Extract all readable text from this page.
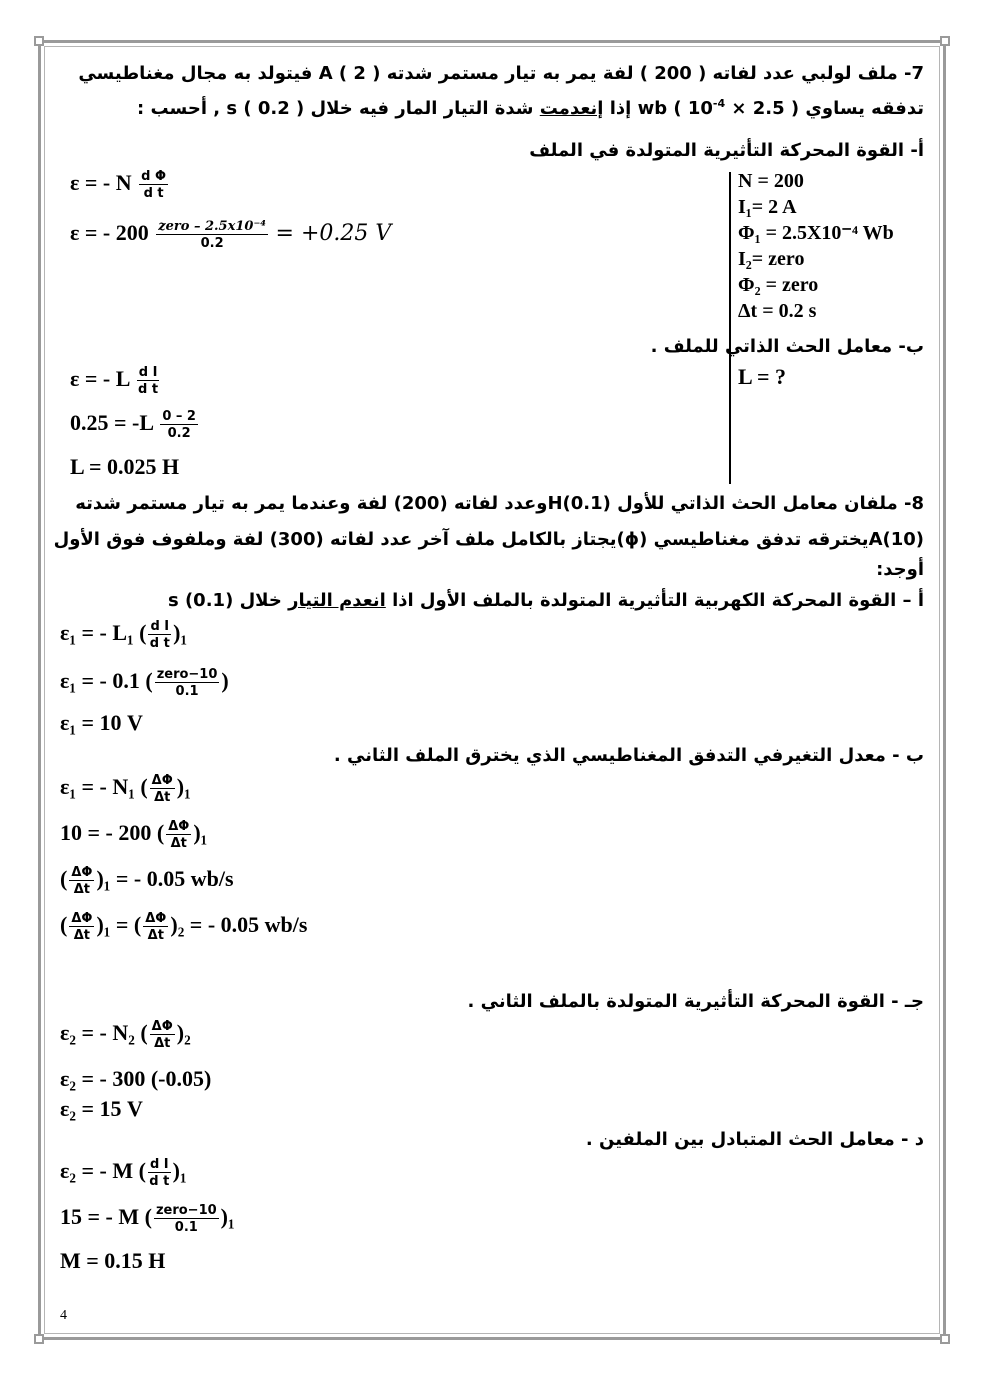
7- ملف لولبي عدد لفاته ( 200 ) لفة يمر به تيار مستمر شدته A ( 2 ) فيتولد به مجال مغناطيسي
تدفقه يساوي wb ( $10^{-4} \times 2.5$ ) إذا إنعدمت شدة التيار المار فيه خلال s ( 0.2 ) , أحسب :
أ- القوة المحركة التأثيرية المتولدة في الملف
ε = - N $\frac{\text{d Φ}}{\text{d t}}$
ε = - $200 \frac{\text{zero – 2.5x10⁻⁴}}{0.2} = +0.25$ V
N = 200
I₁= 2 A
Φ₁ = 2.5X10⁻⁴ Wb
I₂= zero
Φ₂ = zero
Δt = 0.2 s
ب- معامل الحث الذاتي للملف .
L = ?
ε = - L $\frac{\text{d I}}{\text{d t}}$
$0.25 = -L \frac{0 - 2}{0.2}$
L = 0.025 H
8- ملفان معامل الحث الذاتي للأول H(0.1)وعدد لفاته (200) لفة وعندما يمر به تيار مستمر شدته
A(10)يخترقه تدفق مغناطيسي (ϕ)يجتاز بالكامل ملف آخر عدد لفاته (300) لفة وملفوف فوق الأول
أوجد:
أ – القوة المحركة الكهربية التأثيرية المتولدة بالملف الأول اذا انعدم التيار خلال s (0.1)
ε₁ = - L₁ ( $\frac{\text{d I}}{\text{d t}} )_1$
ε₁ = - 0.1 ( $\frac{\text{zero−10}}{0.1}$ )
ε₁ = 10 V
ب - معدل التغيرفي التدفق المغناطيسي الذي يخترق الملف الثاني .
ε₁ = - N₁ ( $\frac{\Delta\Phi}{\Delta t} )_1$
10 = - 200 ( $\frac{\Delta\Phi}{\Delta t} )_1$
( $\frac{\Delta\Phi}{\Delta t} )_1$ = - 0.05 wb/s
( $\frac{\Delta\Phi}{\Delta t} )_1$ = ( $\frac{\Delta\Phi}{\Delta t} )_2$ = - 0.05 wb/s
جـ - القوة المحركة التأثيرية المتولدة بالملف الثاني .
ε₂ = - N₂ ( $\frac{\Delta\Phi}{\Delta t} )_2$
ε₂ = - 300 (-0.05)
ε₂ = 15 V
د - معامل الحث المتبادل بين الملفين .
ε₂ = - M ( $\frac{\text{d I}}{\text{d t}} )_1$
15 = - M ( $\frac{\text{zero−10}}{0.1} )_1$
M = 0.15 H
4
